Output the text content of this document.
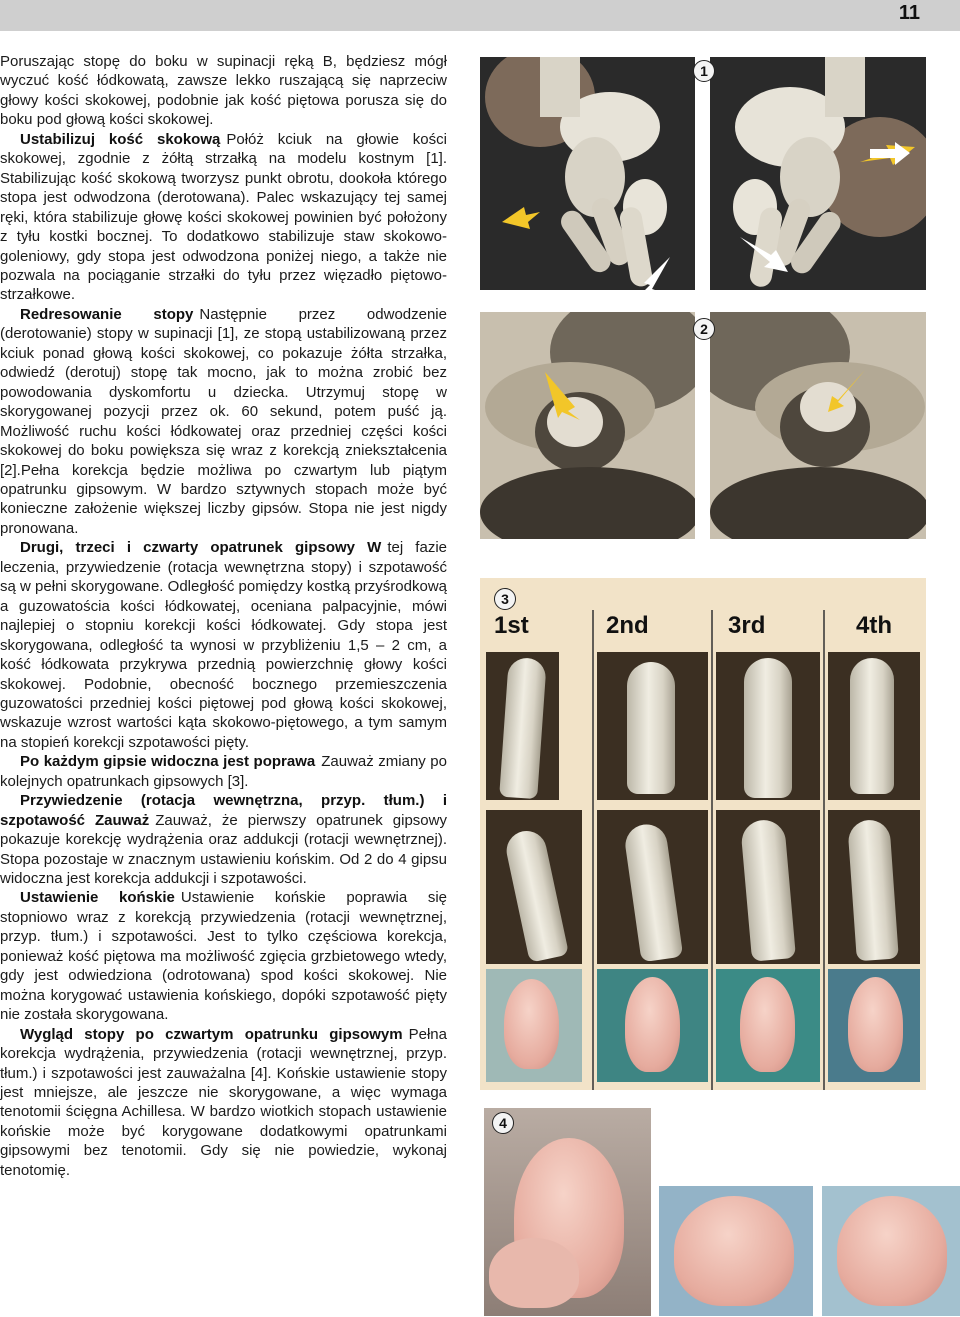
11

Poruszając stopę do boku w supinacji ręką B, będziesz mógł wyczuć kość łódkowatą, zawsze lekko ruszającą się naprzeciw głowy kości skokowej, podobnie jak kość piętowa porusza się do boku pod głową kości skokowej.

Ustabilizuj kość skokową Połóż kciuk na głowie kości skokowej, zgodnie z żółtą strzałką na modelu kostnym [1]. Stabilizując kość skokową tworzysz punkt obrotu, dookoła którego stopa jest odwodzona (derotowana). Palec wskazujący tej samej ręki, która stabilizuje głowę kości skokowej powinien być położony z tyłu kostki bocznej. To dodatkowo stabilizuje staw skokowo-goleniowy, gdy stopa jest odwodzona poniżej niego, a także nie pozwala na pociąganie strzałki do tyłu przez więzadło piętowo-strzałkowe.

Redresowanie stopy Następnie przez odwodzenie (derotowanie) stopy w supinacji [1], ze stopą ustabilizowaną przez kciuk ponad głową kości skokowej, co pokazuje żółta strzałka, odwiedź (derotuj) stopę tak mocno, jak to można zrobić bez powodowania dyskomfortu u dziecka. Utrzymuj stopę w skorygowanej pozycji przez ok. 60 sekund, potem puść ją. Możliwość ruchu kości łódkowatej oraz przedniej części kości skokowej do boku powiększa się wraz z korekcją zniekształcenia [2].Pełna korekcja będzie możliwa po czwartym lub piątym opatrunku gipsowym. W bardzo sztywnych stopach może być konieczne założenie większej liczby gipsów. Stopa nie jest nigdy pronowana.

Drugi, trzeci i czwarty opatrunek gipsowy W tej fazie leczenia, przywiedzenie (rotacja wewnętrzna stopy) i szpotawość są w pełni skorygowane. Odległość pomiędzy kostką przyśrodkową a guzowatościa kości łódkowatej, oceniana palpacyjnie, mówi najlepiej o stopniu korekcji kości łódkowatej. Gdy stopa jest skorygowana, odległość ta wynosi w przybliżeniu 1,5 – 2 cm, a kość łódkowata przykrywa przednią powierzchnię głowy kości skokowej. Podobnie, obecność bocznego przemieszczenia guzowatości przedniej kości piętowej pod głową kości skokowej, wskazuje wzrost wartości kąta skokowo-piętowego, a tym samym na stopień korekcji szpotawości pięty.

Po każdym gipsie widoczna jest poprawa Zauważ zmiany po kolejnych opatrunkach gipsowych [3].

Przywiedzenie (rotacja wewnętrzna, przyp. tłum.) i szpotawość Zauważ Zauważ, że pierwszy opatrunek gipsowy pokazuje korekcję wydrążenia oraz addukcji (rotacji wewnętrznej). Stopa pozostaje w znacznym ustawieniu końskim. Od 2 do 4 gipsu widoczna jest korekcja addukcji i szpotawości.

Ustawienie końskie Ustawienie końskie poprawia się stopniowo wraz z korekcją przywiedzenia (rotacji wewnętrznej, przyp. tłum.) i szpotawości. Jest to tylko częściowa korekcja, ponieważ kość piętowa ma możliwość zgięcia grzbietowego wtedy, gdy jest odwiedziona (odrotowana) spod kości skokowej. Nie można korygować ustawienia końskiego, dopóki szpotawość pięty nie została skorygowana.

Wygląd stopy po czwartym opatrunku gipsowym Pełna korekcja wydrążenia, przywiedzenia (rotacji wewnętrznej, przyp. tłum.) i szpotawości jest zauważalna [4]. Końskie ustawienie stopy jest mniejsze, ale jeszcze nie skorygowane, a więc wymaga tenotomii ścięgna Achillesa. W bardzo wiotkich stopach ustawienie końskie może być korygowane dodatkowymi opatrunkami gipsowymi bez tenotomii. Gdy się nie powiedzie, wykonaj tenotomię.

1
2
3
1st	2nd	3rd	4th
4
